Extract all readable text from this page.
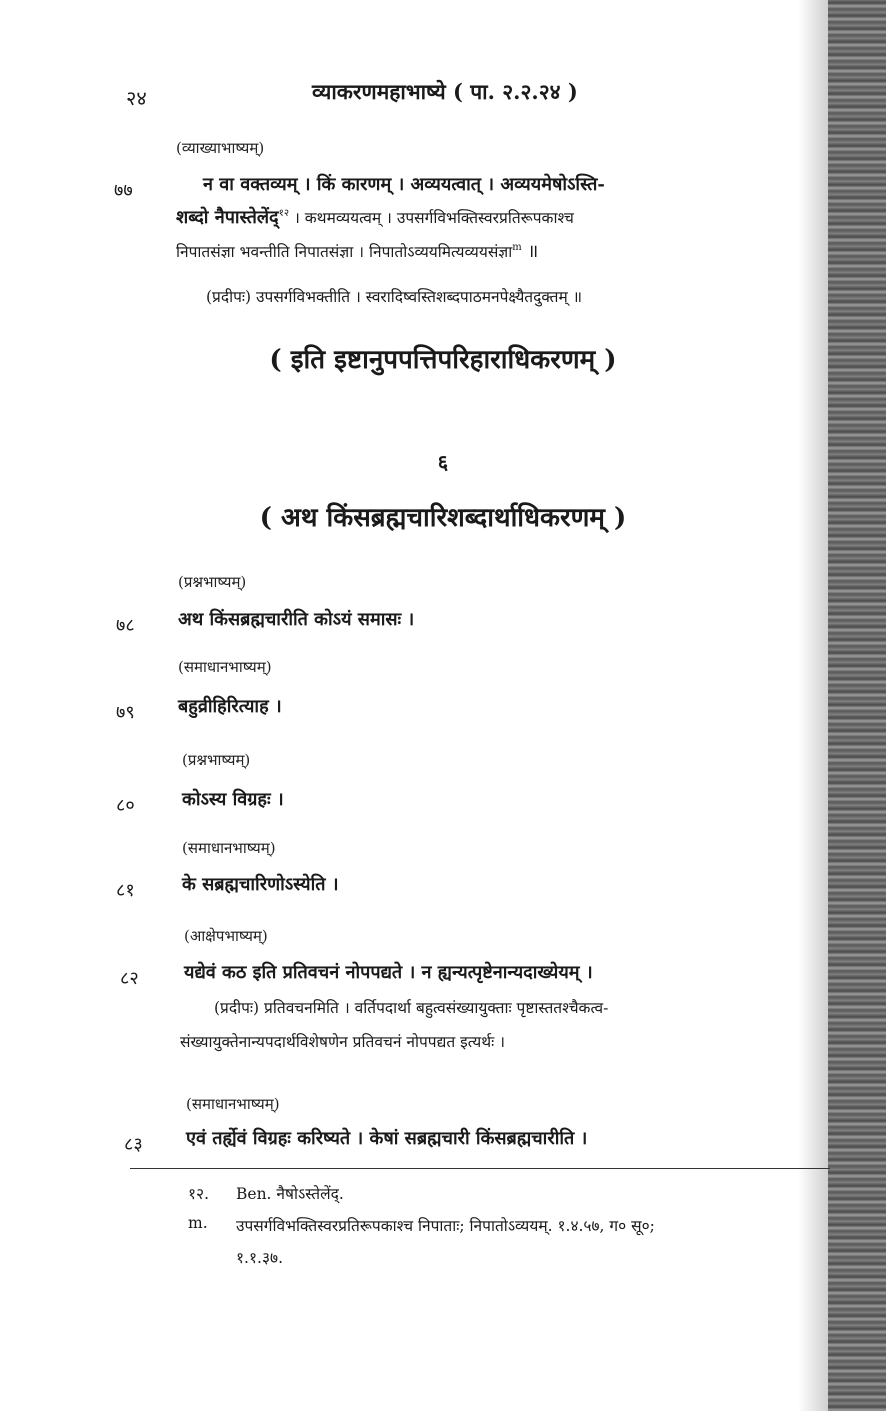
२४	व्याकरणमहाभाष्ये ( पा. २.२.२४ )
(व्याख्याभाष्यम्)
७७	न वा वक्तव्यम् । किं कारणम् । अव्ययत्वात् । अव्ययमेषोऽस्ति-
शब्दो नैपास्तेलेंद्$^{१२}$ । कथमव्ययत्वम् । उपसर्गविभक्तिस्वरप्रतिरूपकाश्च
निपातसंज्ञा भवन्तीति निपातसंज्ञा । निपातोऽव्ययमित्यव्ययसंज्ञा$^m$ ॥
(प्रदीपः) उपसर्गविभक्तीति । स्वरादिष्वस्तिशब्दपाठमनपेक्ष्यैतदुक्तम् ॥
( इति इष्टानुपपत्तिपरिहाराधिकरणम् )
६
( अथ किंसब्रह्मचारिशब्दार्थाधिकरणम् )
(प्रश्नभाष्यम्)
७८ अथ किंसब्रह्मचारीति कोऽयं समासः ।
(समाधानभाष्यम्)
७९ बहुव्रीहिरित्याह ।
(प्रश्नभाष्यम्)
८०	कोऽस्य विग्रहः ।
(समाधानभाष्यम्)
८१	के सब्रह्मचारिणोऽस्येति ।
(आक्षेपभाष्यम्)
८२	यद्येवं कठ इति प्रतिवचनं नोपपद्यते । न ह्यन्यत्पृष्टेनान्यदाख्येयम् ।
(प्रदीपः) प्रतिवचनमिति । वर्तिपदार्था बहुत्वसंख्यायुक्ताः पृष्टास्ततश्चैकत्व-
संख्यायुक्तेनान्यपदार्थविशेषणेन प्रतिवचनं नोपपद्यत इत्यर्थः ।
(समाधानभाष्यम्)
८३ एवं तर्ह्येवं विग्रहः करिष्यते । केषां सब्रह्मचारी किंसब्रह्मचारीति ।
१२. Ben. नैषोऽस्तेलेंद्.
m. उपसर्गविभक्तिस्वरप्रतिरूपकाश्च निपाताः; निपातोऽव्ययम्. १.४.५७, ग० सू०;
१.१.३७.
